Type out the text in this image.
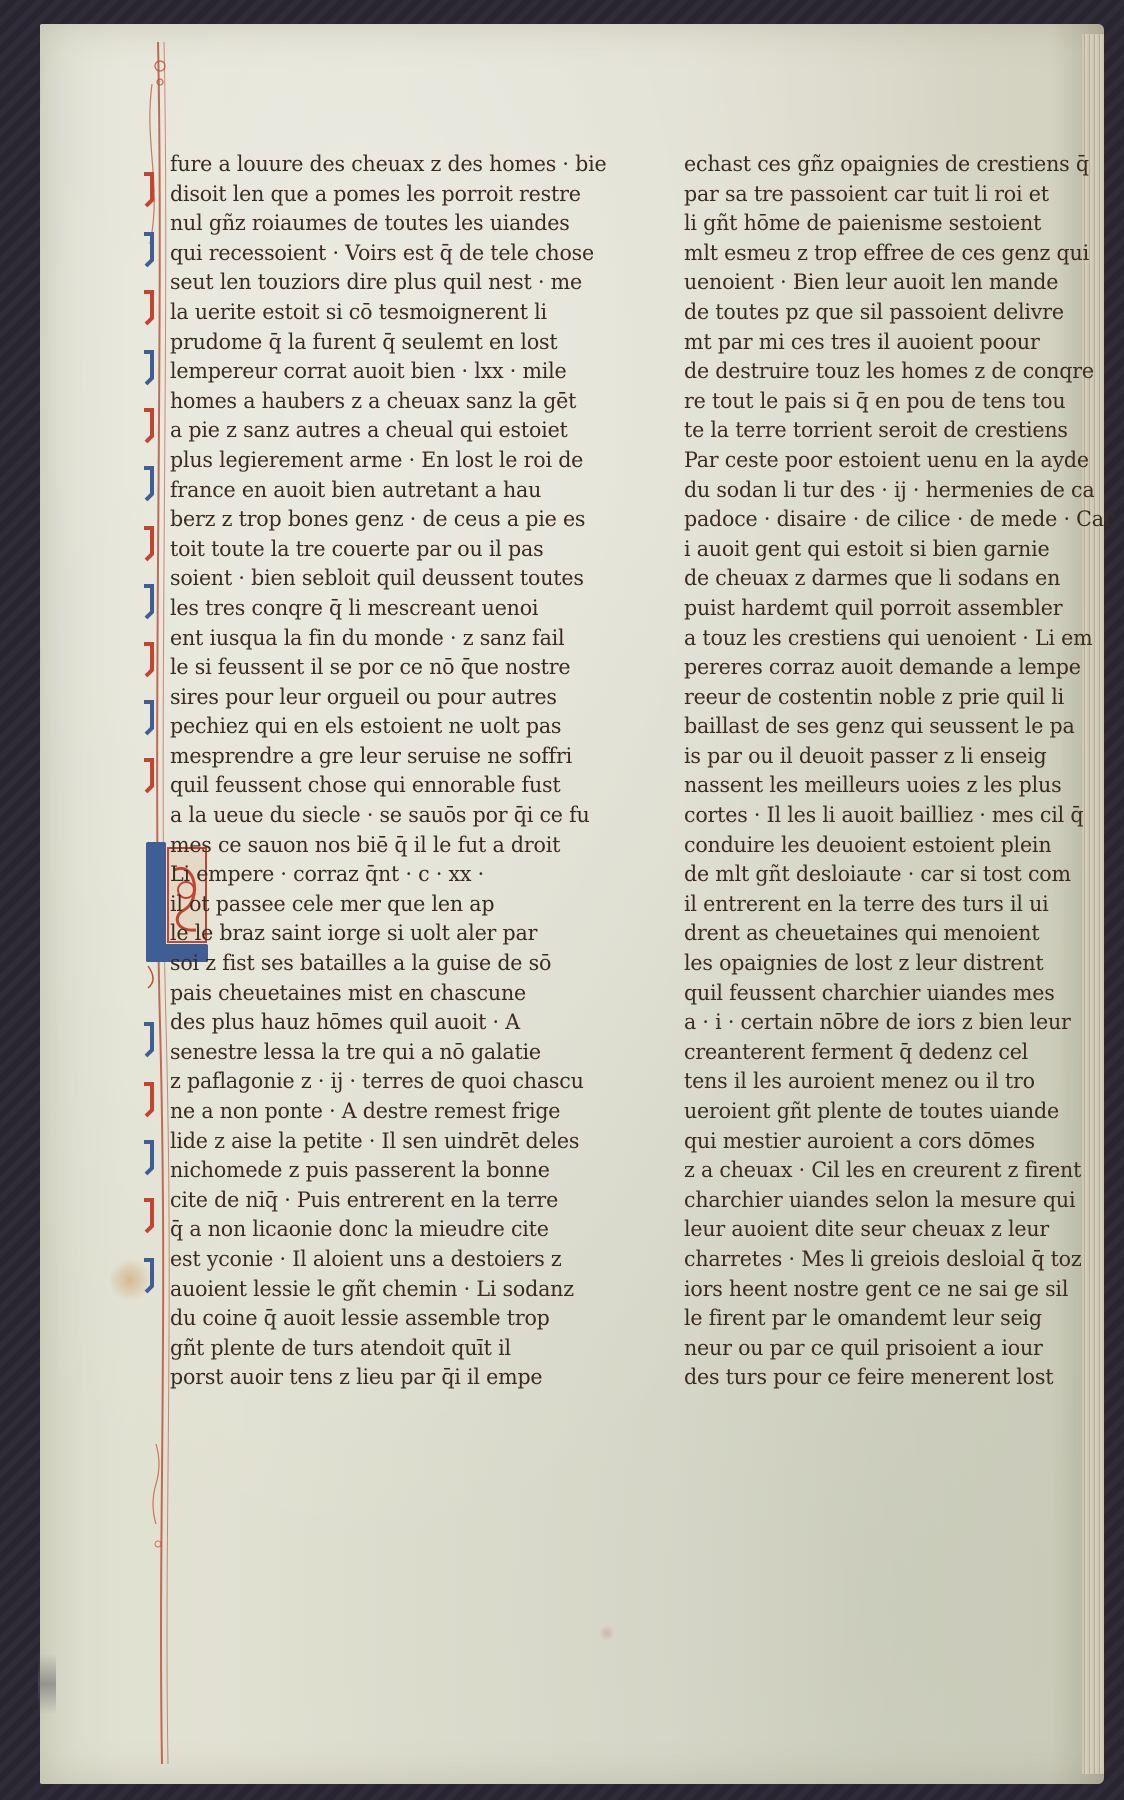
fure a louure des cheuax z des homes · bie
disoit len que a pomes les porroit restre
nul gñz roiaumes de toutes les uiandes
qui recessoient · Voirs est q̄ de tele chose
seut len touziors dire plus quil nest · me
la uerite estoit si cō tesmoignerent li
prudome q̄ la furent q̄ seulemt en lost
lempereur corrat auoit bien · lxx · mile
homes a haubers z a cheuax sanz la gēt
a pie z sanz autres a cheual qui estoiet
plus legierement arme · En lost le roi de
france en auoit bien autretant a hau
berz z trop bones genz · de ceus a pie es
toit toute la tre couerte par ou il pas
soient · bien sebloit quil deussent toutes
les tres conqre q̄ li mescreant uenoi
ent iusqua la fin du monde · z sanz fail
le si feussent il se por ce nō q̄ue nostre
sires pour leur orgueil ou pour autres
pechiez qui en els estoient ne uolt pas
mesprendre a gre leur seruise ne soffri
quil feussent chose qui ennorable fust
a la ueue du siecle · se sauōs por q̄i ce fu
mes ce sauon nos biē q̄ il le fut a droit
Li empere · corraz q̄nt · c · xx ·
il ot passee cele mer que len ap
le le braz saint iorge si uolt aler par
soi z fist ses batailles a la guise de sō
pais cheuetaines mist en chascune
des plus hauz hōmes quil auoit · A
senestre lessa la tre qui a nō galatie
z paflagonie z · ij · terres de quoi chascu
ne a non ponte · A destre remest frige
lide z aise la petite · Il sen uindrēt deles
nichomede z puis passerent la bonne
cite de niq̄ · Puis entrerent en la terre
q̄ a non licaonie donc la mieudre cite
est yconie · Il aloient uns a destoiers z
auoient lessie le gñt chemin · Li sodanz
du coine q̄ auoit lessie assemble trop
gñt plente de turs atendoit quīt il
porst auoir tens z lieu par q̄i il empe
echast ces gñz opaignies de crestiens q̄
par sa tre passoient car tuit li roi et
li gñt hōme de paienisme sestoient
mlt esmeu z trop effree de ces genz qui
uenoient · Bien leur auoit len mande
de toutes pz que sil passoient delivre
mt par mi ces tres il auoient poour
de destruire touz les homes z de conqre
re tout le pais si q̄ en pou de tens tou
te la terre torrient seroit de crestiens
Par ceste poor estoient uenu en la ayde
du sodan li tur des · ij · hermenies de ca
padoce · disaire · de cilice · de mede · Car
i auoit gent qui estoit si bien garnie
de cheuax z darmes que li sodans en
puist hardemt quil porroit assembler
a touz les crestiens qui uenoient · Li em
pereres corraz auoit demande a lempe
reeur de costentin noble z prie quil li
baillast de ses genz qui seussent le pa
is par ou il deuoit passer z li enseig
nassent les meilleurs uoies z les plus
cortes · Il les li auoit bailliez · mes cil q̄
conduire les deuoient estoient plein
de mlt gñt desloiaute · car si tost com
il entrerent en la terre des turs il ui
drent as cheuetaines qui menoient
les opaignies de lost z leur distrent
quil feussent charchier uiandes mes
a · i · certain nōbre de iors z bien leur
creanterent ferment q̄ dedenz cel
tens il les auroient menez ou il tro
ueroient gñt plente de toutes uiande
qui mestier auroient a cors dōmes
z a cheuax · Cil les en creurent z firent
charchier uiandes selon la mesure qui
leur auoient dite seur cheuax z leur
charretes · Mes li greiois desloial q̄ toz
iors heent nostre gent ce ne sai ge sil
le firent par le omandemt leur seig
neur ou par ce quil prisoient a iour
des turs pour ce feire menerent lost
